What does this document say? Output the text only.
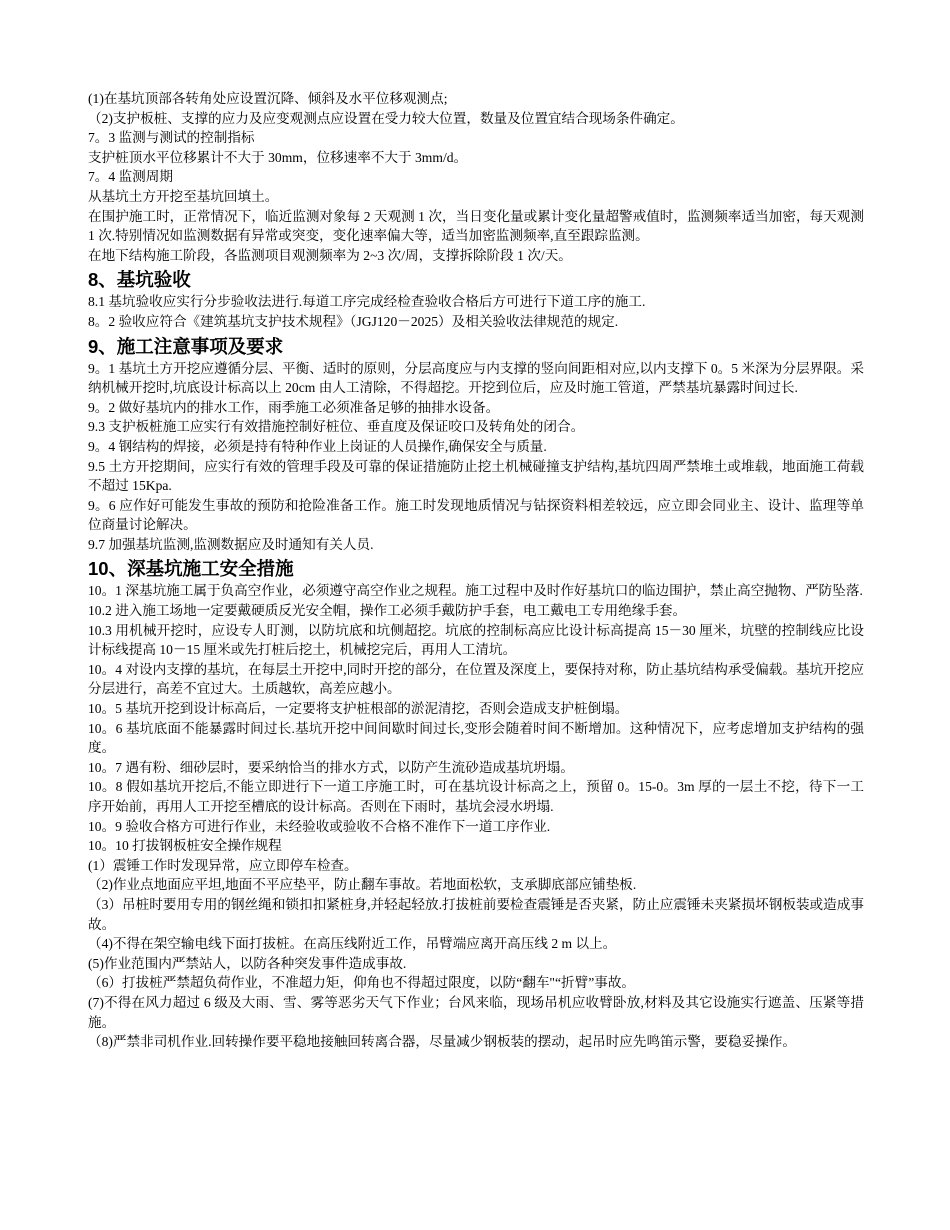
(1)在基坑顶部各转角处应设置沉降、倾斜及水平位移观测点;

（2)支护板桩、支撑的应力及应变观测点应设置在受力较大位置，数量及位置宜结合现场条件确定。

7。3 监测与测试的控制指标

支护桩顶水平位移累计不大于 30mm，位移速率不大于 3mm/d。

7。4 监测周期

从基坑土方开挖至基坑回填土。

在围护施工时，正常情况下，临近监测对象每 2 天观测 1 次，当日变化量或累计变化量超警戒值时，监测频率适当加密，每天观测 1 次.特别情况如监测数据有异常或突变，变化速率偏大等，适当加密监测频率,直至跟踪监测。

在地下结构施工阶段，各监测项目观测频率为 2~3 次/周，支撑拆除阶段 1 次/天。

8、基坑验收

8.1 基坑验收应实行分步验收法进行.每道工序完成经检查验收合格后方可进行下道工序的施工.

8。2 验收应符合《建筑基坑支护技术规程》（JGJ120－2025）及相关验收法律规范的规定.

9、施工注意事项及要求

9。1 基坑土方开挖应遵循分层、平衡、适时的原则，分层高度应与内支撑的竖向间距相对应,以内支撑下 0。5 米深为分层界限。采纳机械开挖时,坑底设计标高以上 20cm 由人工清除，不得超挖。开挖到位后，应及时施工管道，严禁基坑暴露时间过长.

9。2 做好基坑内的排水工作，雨季施工必须准备足够的抽排水设备。

9.3 支护板桩施工应实行有效措施控制好桩位、垂直度及保证咬口及转角处的闭合。

9。4 钢结构的焊接，必须是持有特种作业上岗证的人员操作,确保安全与质量.

9.5 土方开挖期间，应实行有效的管理手段及可靠的保证措施防止挖土机械碰撞支护结构,基坑四周严禁堆土或堆载，地面施工荷载不超过 15Kpa.

9。6 应作好可能发生事故的预防和抢险准备工作。施工时发现地质情况与钻探资料相差较远，应立即会同业主、设计、监理等单位商量讨论解决。

9.7 加强基坑监测,监测数据应及时通知有关人员.

10、深基坑施工安全措施

10。1 深基坑施工属于负高空作业，必须遵守高空作业之规程。施工过程中及时作好基坑口的临边围护，禁止高空抛物、严防坠落.

10.2 进入施工场地一定要戴硬质反光安全帽，操作工必须手戴防护手套，电工戴电工专用绝缘手套。

10.3 用机械开挖时，应设专人盯测，以防坑底和坑侧超挖。坑底的控制标高应比设计标高提高 15－30 厘米，坑壁的控制线应比设计标线提高 10－15 厘米或先打桩后挖土，机械挖完后，再用人工清坑。

10。4 对设内支撑的基坑，在每层土开挖中,同时开挖的部分，在位置及深度上，要保持对称，防止基坑结构承受偏载。基坑开挖应分层进行，高差不宜过大。土质越软，高差应越小。

10。5 基坑开挖到设计标高后，一定要将支护桩根部的淤泥清挖，否则会造成支护桩倒塌。

10。6 基坑底面不能暴露时间过长.基坑开挖中间间歇时间过长,变形会随着时间不断增加。这种情况下，应考虑增加支护结构的强度。

10。7 遇有粉、细砂层时，要采纳恰当的排水方式，以防产生流砂造成基坑坍塌。

10。8 假如基坑开挖后,不能立即进行下一道工序施工时，可在基坑设计标高之上，预留 0。15-0。3m 厚的一层土不挖，待下一工序开始前，再用人工开挖至槽底的设计标高。否则在下雨时，基坑会浸水坍塌.

10。9 验收合格方可进行作业，未经验收或验收不合格不准作下一道工序作业.

10。10 打拔钢板桩安全操作规程

(1）震锤工作时发现异常，应立即停车检查。

（2)作业点地面应平坦,地面不平应垫平，防止翻车事故。若地面松软，支承脚底部应铺垫板.

（3）吊桩时要用专用的钢丝绳和锁扣扣紧桩身,并轻起轻放.打拔桩前要检查震锤是否夹紧，防止应震锤未夹紧损坏钢板装或造成事故。

（4)不得在架空输电线下面打拔桩。在高压线附近工作，吊臂端应离开高压线 2 m 以上。

(5)作业范围内严禁站人，以防各种突发事件造成事故.

（6）打拔桩严禁超负荷作业，不准超力矩，仰角也不得超过限度，以防“翻车"“折臂”事故。

(7)不得在风力超过 6 级及大雨、雪、雾等恶劣天气下作业；台风来临，现场吊机应收臂卧放,材料及其它设施实行遮盖、压紧等措施。

（8)严禁非司机作业.回转操作要平稳地接触回转离合器，尽量减少钢板装的摆动，起吊时应先鸣笛示警，要稳妥操作。
